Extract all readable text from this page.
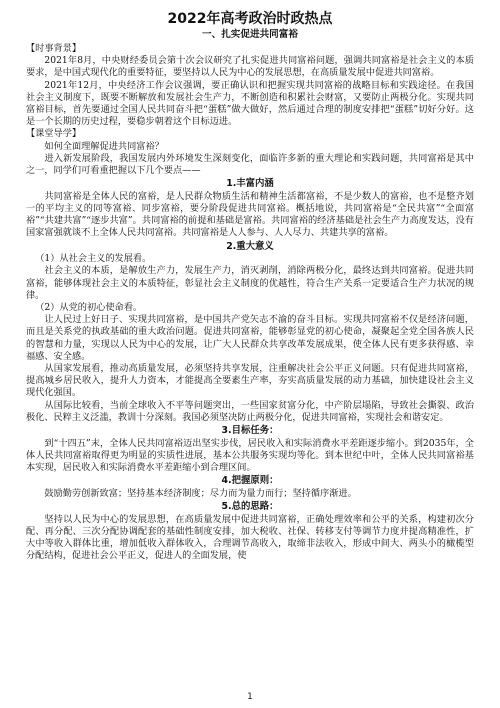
2022年高考政治时政热点
一、扎实促进共同富裕
【时事背景】

2021年8月，中央财经委员会第十次会议研究了扎实促进共同富裕问题，强调共同富裕是社会主义的本质要求，是中国式现代化的重要特征，要坚持以人民为中心的发展思想，在高质量发展中促进共同富裕。

2021年12月，中央经济工作会议强调，要正确认识和把握实现共同富裕的战略目标和实践途径。在我国社会主义制度下，既要不断解放和发展社会生产力，不断创造和积累社会财富，又要防止两极分化。实现共同富裕目标，首先要通过全国人民共同奋斗把“蛋糕”做大做好，然后通过合理的制度安排把“蛋糕”切好分好。这是一个长期的历史过程，要稳步朝着这个目标迈进。

【课堂导学】

如何全面理解促进共同富裕？

进入新发展阶段，我国发展内外环境发生深刻变化，面临许多新的重大理论和实践问题，共同富裕是其中之一，同学们可看重把握以下几个要点——

1.丰富内涵

共同富裕是全体人民的富裕，是人民群众物质生活和精神生活都富裕，不是少数人的富裕，也不是整齐划一的平均主义的同等富裕、同步富裕，要分阶段促进共同富裕。概括地说，共同富裕是“全民共富”“全面富裕”“共建共富”“逐步共富”。共同富裕的前提和基础是富裕。共同富裕的经济基础是社会生产力高度发达，没有国家富强就谈不上全体人民共同富裕。共同富裕是人人参与、人人尽力、共建共享的富裕。

2.重大意义

（1）从社会主义的发展看。

社会主义的本质，是解放生产力，发展生产力，消灭剥削，消除两极分化，最终达到共同富裕。促进共同富裕，能够体现社会主义的本质特征，彰显社会主义制度的优越性，符合生产关系一定要适合生产力状况的规律。

（2）从党的初心使命看。

让人民过上好日子、实现共同富裕，是中国共产党矢志不渝的奋斗目标。实现共同富裕不仅是经济问题，而且是关系党的执政基础的重大政治问题。促进共同富裕，能够彰显党的初心使命，凝聚起全党全国各族人民的智慧和力量，实现以人民为中心的发展，让广大人民群众共享改革发展成果，使全体人民有更多获得感、幸福感、安全感。

从国家发展看，推动高质量发展，必须坚持共享发展，注重解决社会公平正义问题。只有促进共同富裕，提高城乡居民收入，提升人力资本，才能提高全要素生产率，夯实高质量发展的动力基础，加快建设社会主义现代化强国。

从国际比较看，当前全球收入不平等问题突出，一些国家贫富分化，中产阶层塌陷，导致社会撕裂、政治极化、民粹主义泛滥，教训十分深刻。我国必须坚决防止两极分化，促进共同富裕，实现社会和谐安定。

3.目标任务：

到“十四五”末，全体人民共同富裕迈出坚实步伐，居民收入和实际消费水平差距逐步缩小。到2035年，全体人民共同富裕取得更为明显的实质性进展，基本公共服务实现均等化。到本世纪中叶，全体人民共同富裕基本实现，居民收入和实际消费水平差距缩小到合理区间。

4.把握原则：

鼓励勤劳创新致富；坚持基本经济制度；尽力而为量力而行；坚持循序渐进。

5.总的思路：

坚持以人民为中心的发展思想，在高质量发展中促进共同富裕，正确处理效率和公平的关系，构建初次分配、再分配、三次分配协调配套的基础性制度安排，加大税收、社保、转移支付等调节力度并提高精准性，扩大中等收入群体比重，增加低收入群体收入，合理调节高收入，取缔非法收入，形成中间大、两头小的橄榄型分配结构，促进社会公平正义，促进人的全面发展，使

1
